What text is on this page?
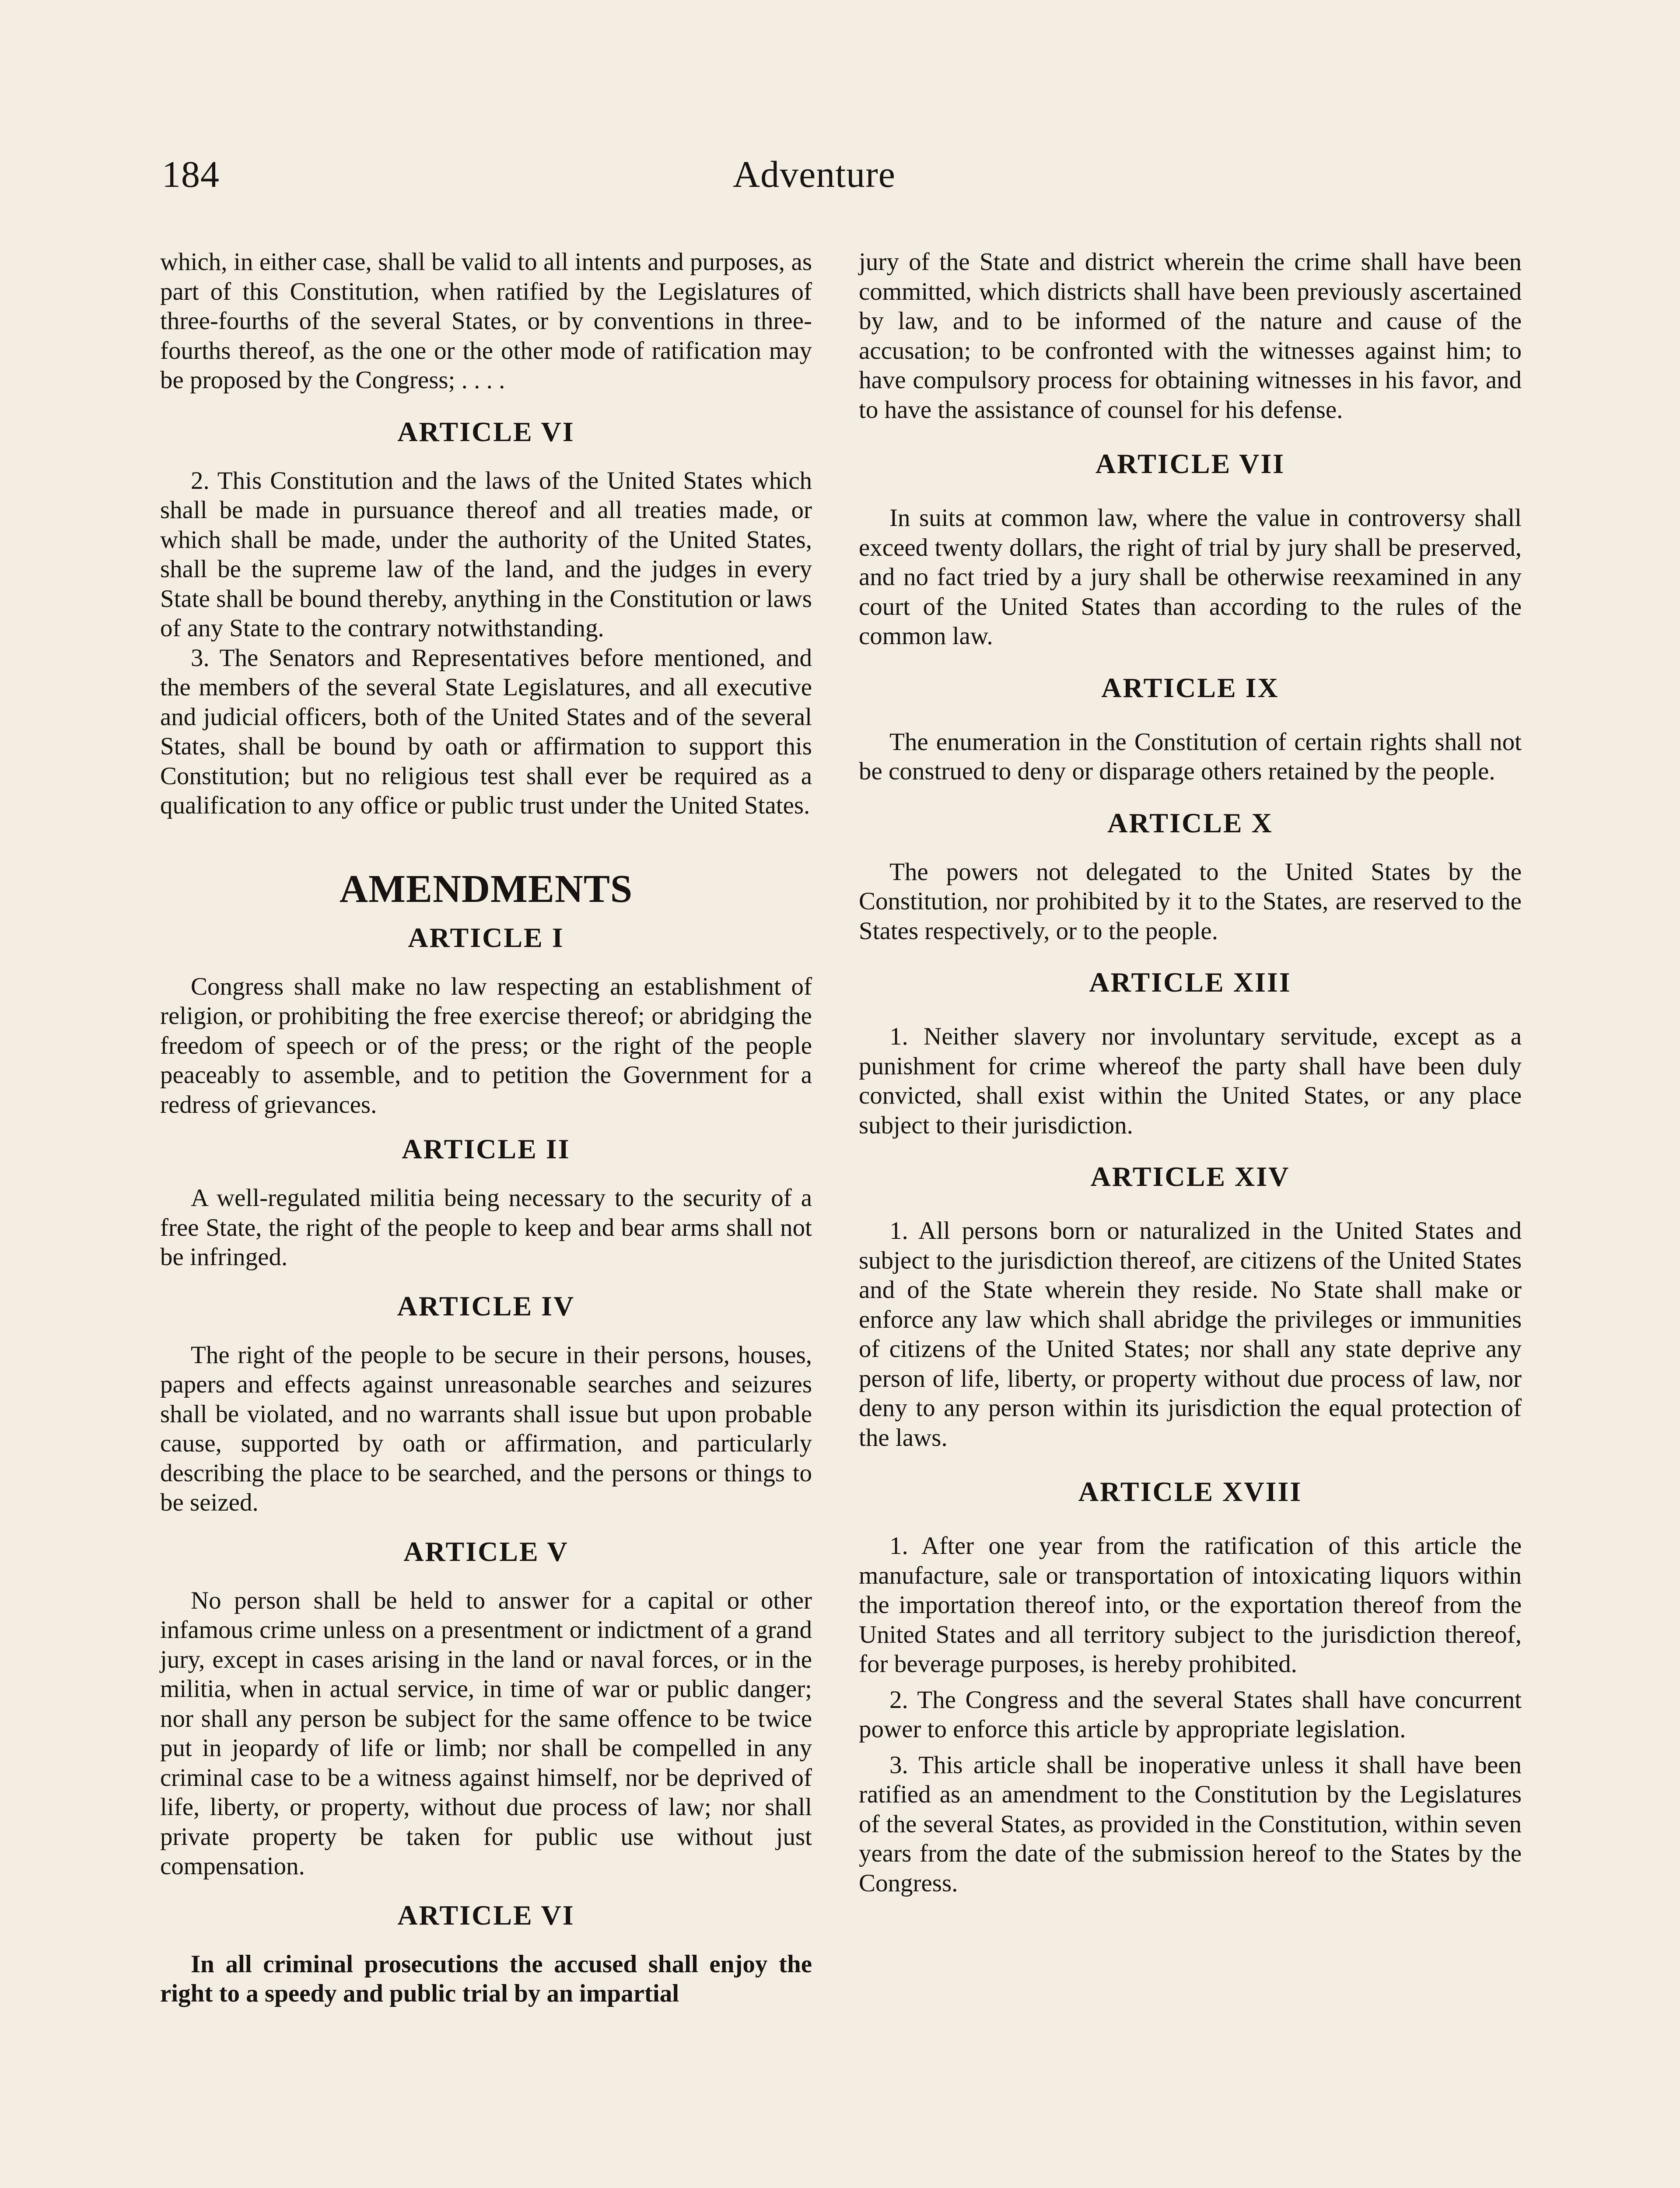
184	Adventure

which, in either case, shall be valid to all intents and purposes, as part of this Constitution, when ratified by the Legislatures of three-fourths of the several States, or by conventions in three-fourths thereof, as the one or the other mode of ratification may be proposed by the Congress; . . . .

ARTICLE VI

2. This Constitution and the laws of the United States which shall be made in pursuance thereof and all treaties made, or which shall be made, under the authority of the United States, shall be the supreme law of the land, and the judges in every State shall be bound thereby, anything in the Constitution or laws of any State to the contrary notwithstanding.

3. The Senators and Representatives before mentioned, and the members of the several State Legislatures, and all executive and judicial officers, both of the United States and of the several States, shall be bound by oath or affirmation to support this Constitution; but no religious test shall ever be required as a qualification to any office or public trust under the United States.

AMENDMENTS
ARTICLE I

Congress shall make no law respecting an establishment of religion, or prohibiting the free exercise thereof; or abridging the freedom of speech or of the press; or the right of the people peaceably to assemble, and to petition the Government for a redress of grievances.

ARTICLE II

A well-regulated militia being necessary to the security of a free State, the right of the people to keep and bear arms shall not be infringed.

ARTICLE IV

The right of the people to be secure in their persons, houses, papers and effects against unreasonable searches and seizures shall be violated, and no warrants shall issue but upon probable cause, supported by oath or affirmation, and particularly describing the place to be searched, and the persons or things to be seized.

ARTICLE V

No person shall be held to answer for a capital or other infamous crime unless on a presentment or indictment of a grand jury, except in cases arising in the land or naval forces, or in the militia, when in actual service, in time of war or public danger; nor shall any person be subject for the same offence to be twice put in jeopardy of life or limb; nor shall be compelled in any criminal case to be a witness against himself, nor be deprived of life, liberty, or property, without due process of law; nor shall private property be taken for public use without just compensation.

ARTICLE VI

In all criminal prosecutions the accused shall enjoy the right to a speedy and public trial by an impartial

jury of the State and district wherein the crime shall have been committed, which districts shall have been previously ascertained by law, and to be informed of the nature and cause of the accusation; to be confronted with the witnesses against him; to have compulsory process for obtaining witnesses in his favor, and to have the assistance of counsel for his defense.

ARTICLE VII

In suits at common law, where the value in controversy shall exceed twenty dollars, the right of trial by jury shall be preserved, and no fact tried by a jury shall be otherwise reexamined in any court of the United States than according to the rules of the common law.

ARTICLE IX

The enumeration in the Constitution of certain rights shall not be construed to deny or disparage others retained by the people.

ARTICLE X

The powers not delegated to the United States by the Constitution, nor prohibited by it to the States, are reserved to the States respectively, or to the people.

ARTICLE XIII

1. Neither slavery nor involuntary servitude, except as a punishment for crime whereof the party shall have been duly convicted, shall exist within the United States, or any place subject to their jurisdiction.

ARTICLE XIV

1. All persons born or naturalized in the United States and subject to the jurisdiction thereof, are citizens of the United States and of the State wherein they reside. No State shall make or enforce any law which shall abridge the privileges or immunities of citizens of the United States; nor shall any state deprive any person of life, liberty, or property without due process of law, nor deny to any person within its jurisdiction the equal protection of the laws.

ARTICLE XVIII

1. After one year from the ratification of this article the manufacture, sale or transportation of intoxicating liquors within the importation thereof into, or the exportation thereof from the United States and all territory subject to the jurisdiction thereof, for beverage purposes, is hereby prohibited.

2. The Congress and the several States shall have concurrent power to enforce this article by appropriate legislation.

3. This article shall be inoperative unless it shall have been ratified as an amendment to the Constitution by the Legislatures of the several States, as provided in the Constitution, within seven years from the date of the submission hereof to the States by the Congress.
